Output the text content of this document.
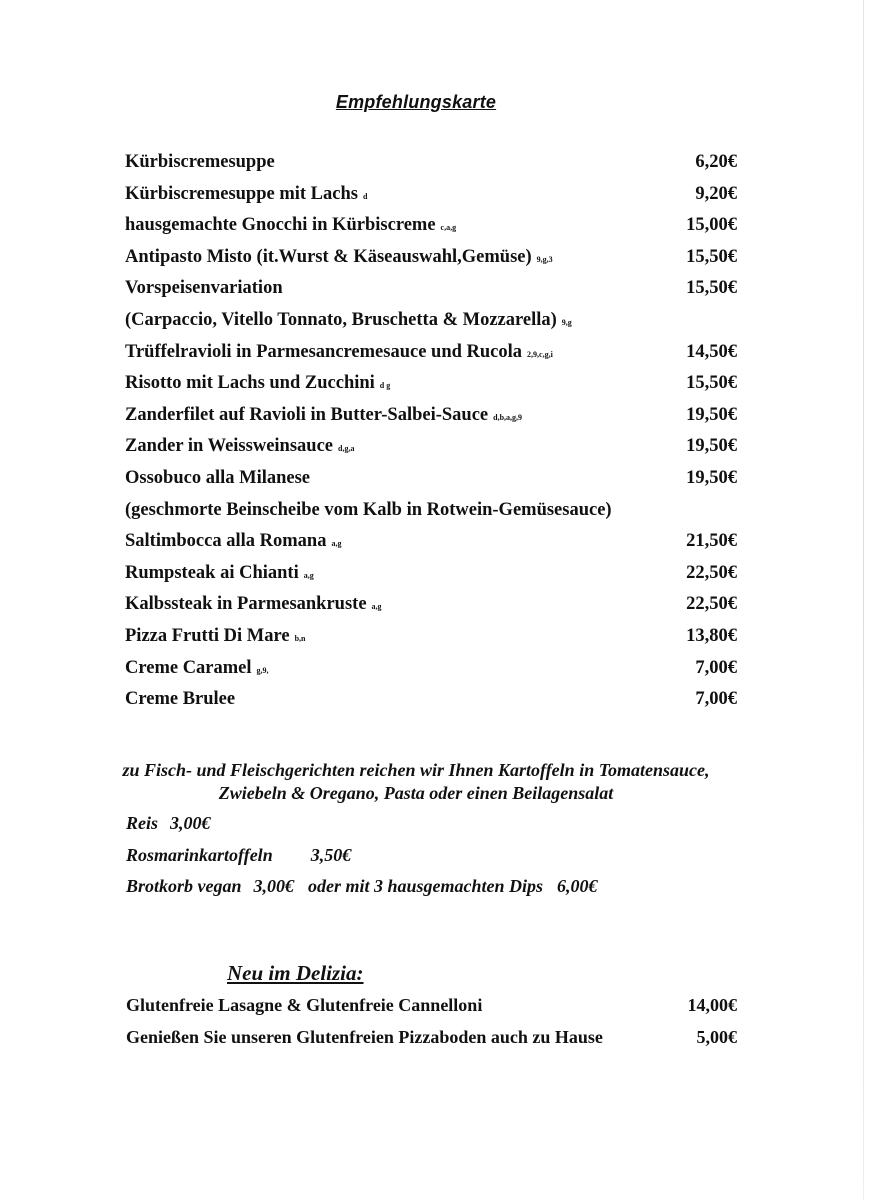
Empfehlungskarte
Kürbiscremesuppe	6,20€
Kürbiscremesuppe mit Lachs d	9,20€
hausgemachte Gnocchi in Kürbiscreme c,a,g	15,00€
Antipasto Misto (it.Wurst & Käseauswahl,Gemüse) 9,g,3	15,50€
Vorspeisenvariation	15,50€
(Carpaccio, Vitello Tonnato, Bruschetta & Mozzarella) 9,g
Trüffelravioli in Parmesancremesauce und Rucola 2,9,c,g,i	14,50€
Risotto mit Lachs und Zucchini d g	15,50€
Zanderfilet auf Ravioli in Butter-Salbei-Sauce d,b,a,g,9	19,50€
Zander in Weissweinsauce d,g,a	19,50€
Ossobuco alla Milanese	19,50€
(geschmorte Beinscheibe vom Kalb in Rotwein-Gemüsesauce)
Saltimbocca alla Romana a,g	21,50€
Rumpsteak ai Chianti a,g	22,50€
Kalbssteak in Parmesankruste a,g	22,50€
Pizza Frutti Di Mare b,n	13,80€
Creme Caramel g,9,	7,00€
Creme Brulee	7,00€
zu Fisch- und Fleischgerichten reichen wir Ihnen Kartoffeln in Tomatensauce,
Zwiebeln & Oregano, Pasta oder einen Beilagensalat
Reis 3,00€
Rosmarinkartoffeln 3,50€
Brotkorb vegan 3,00€ oder mit 3 hausgemachten Dips 6,00€
Neu im Delizia:
Glutenfreie Lasagne & Glutenfreie Cannelloni	14,00€
Genießen Sie unseren Glutenfreien Pizzaboden auch zu Hause	5,00€
